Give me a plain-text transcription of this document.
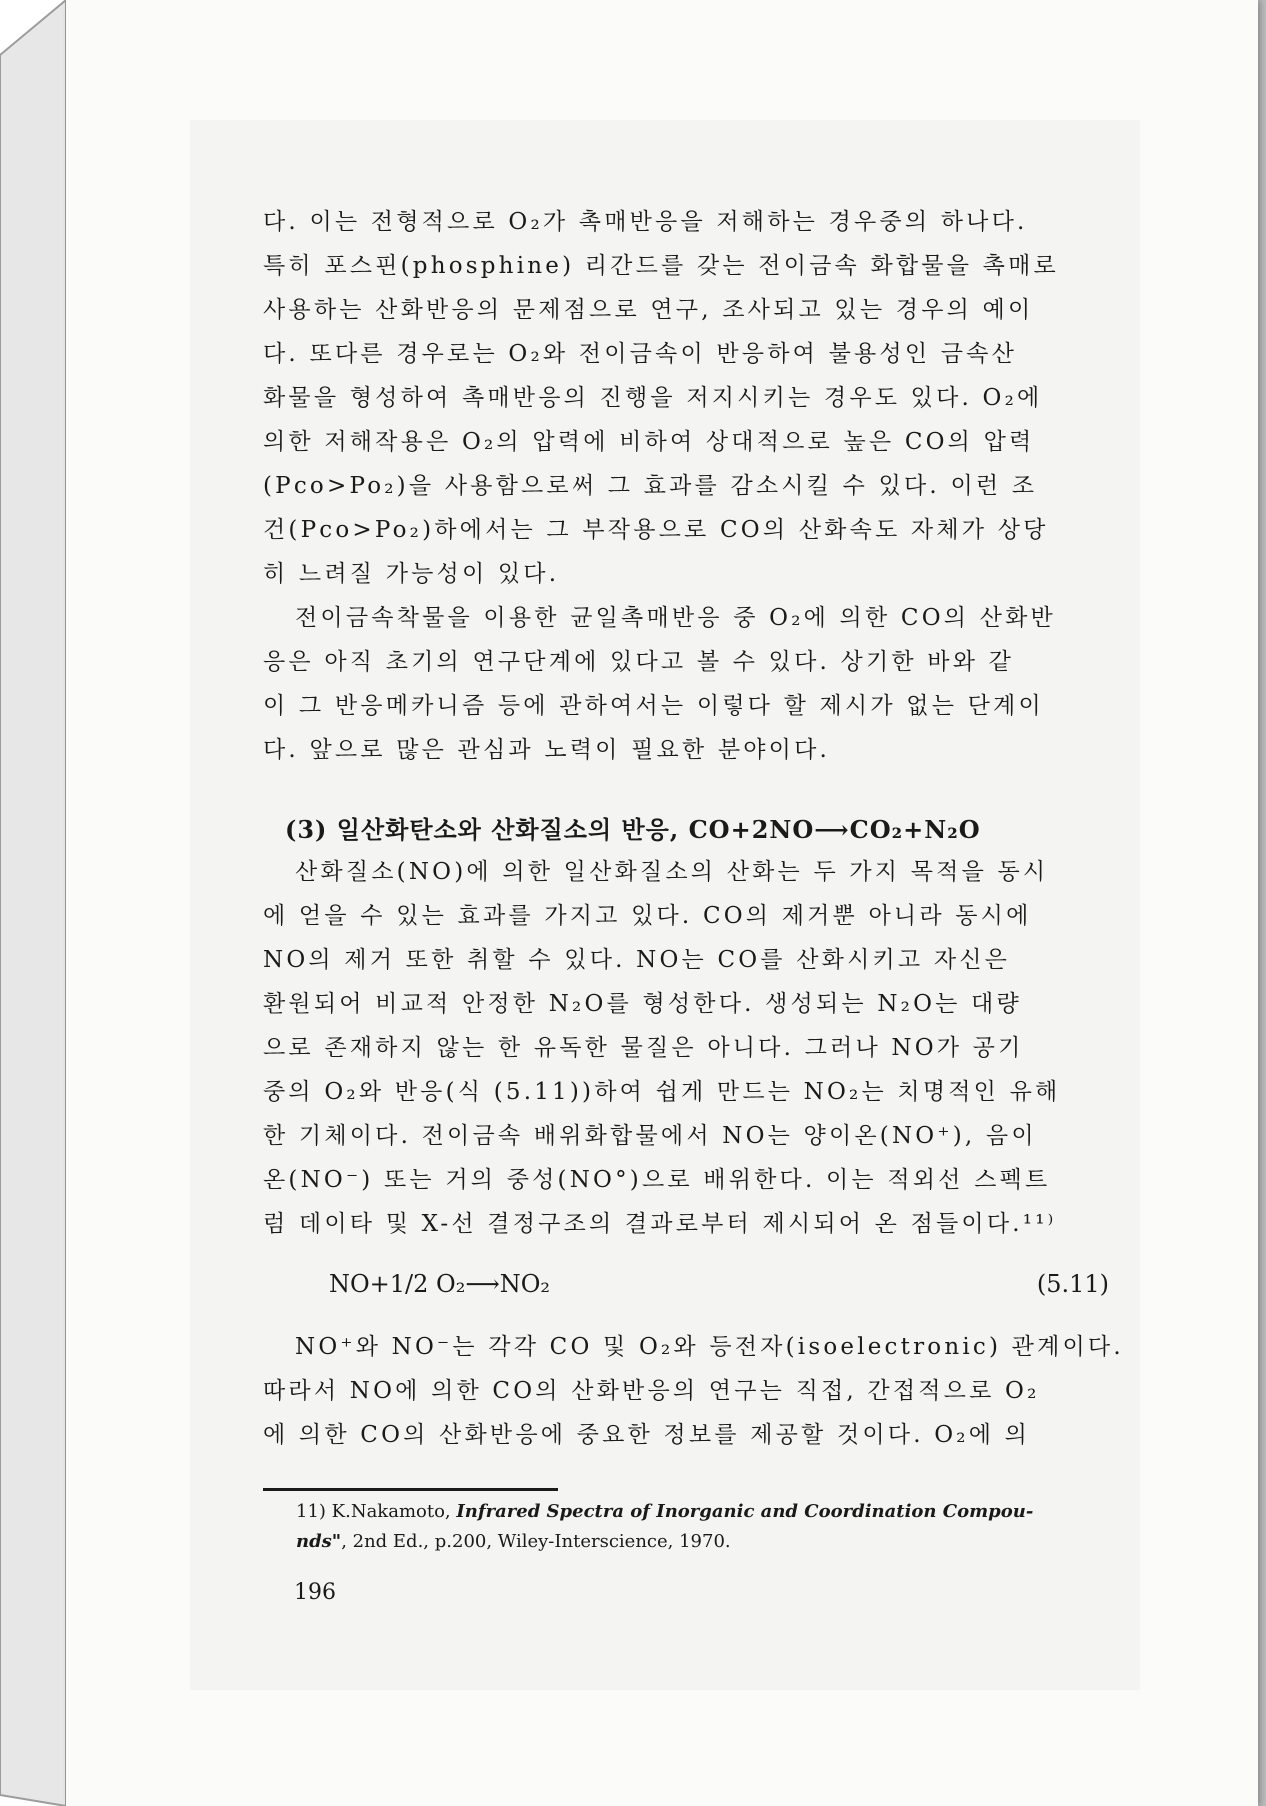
다. 이는 전형적으로 O₂가 촉매반응을 저해하는 경우중의 하나다.
특히 포스핀(phosphine) 리간드를 갖는 전이금속 화합물을 촉매로
사용하는 산화반응의 문제점으로 연구, 조사되고 있는 경우의 예이
다. 또다른 경우로는 O₂와 전이금속이 반응하여 불용성인 금속산
화물을 형성하여 촉매반응의 진행을 저지시키는 경우도 있다. O₂에
의한 저해작용은 O₂의 압력에 비하여 상대적으로 높은 CO의 압력
(Pco>Po₂)을 사용함으로써 그 효과를 감소시킬 수 있다. 이런 조
건(Pco>Po₂)하에서는 그 부작용으로 CO의 산화속도 자체가 상당
히 느려질 가능성이 있다.
전이금속착물을 이용한 균일촉매반응 중 O₂에 의한 CO의 산화반
응은 아직 초기의 연구단계에 있다고 볼 수 있다. 상기한 바와 같
이 그 반응메카니즘 등에 관하여서는 이렇다 할 제시가 없는 단계이
다. 앞으로 많은 관심과 노력이 필요한 분야이다.
(3) 일산화탄소와 산화질소의 반응, CO+2NO⟶CO₂+N₂O
산화질소(NO)에 의한 일산화질소의 산화는 두 가지 목적을 동시
에 얻을 수 있는 효과를 가지고 있다. CO의 제거뿐 아니라 동시에
NO의 제거 또한 취할 수 있다. NO는 CO를 산화시키고 자신은
환원되어 비교적 안정한 N₂O를 형성한다. 생성되는 N₂O는 대량
으로 존재하지 않는 한 유독한 물질은 아니다. 그러나 NO가 공기
중의 O₂와 반응(식 (5.11))하여 쉽게 만드는 NO₂는 치명적인 유해
한 기체이다. 전이금속 배위화합물에서 NO는 양이온(NO⁺), 음이
온(NO⁻) 또는 거의 중성(NO°)으로 배위한다. 이는 적외선 스펙트
럼 데이타 및 X-선 결정구조의 결과로부터 제시되어 온 점들이다.¹¹⁾
NO+1/2 O₂⟶NO₂	(5.11)
NO⁺와 NO⁻는 각각 CO 및 O₂와 등전자(isoelectronic) 관계이다.
따라서 NO에 의한 CO의 산화반응의 연구는 직접, 간접적으로 O₂
에 의한 CO의 산화반응에 중요한 정보를 제공할 것이다. O₂에 의
11) K.Nakamoto, Infrared Spectra of Inorganic and Coordination Compou-
nds", 2nd Ed., p.200, Wiley-Interscience, 1970.
196
